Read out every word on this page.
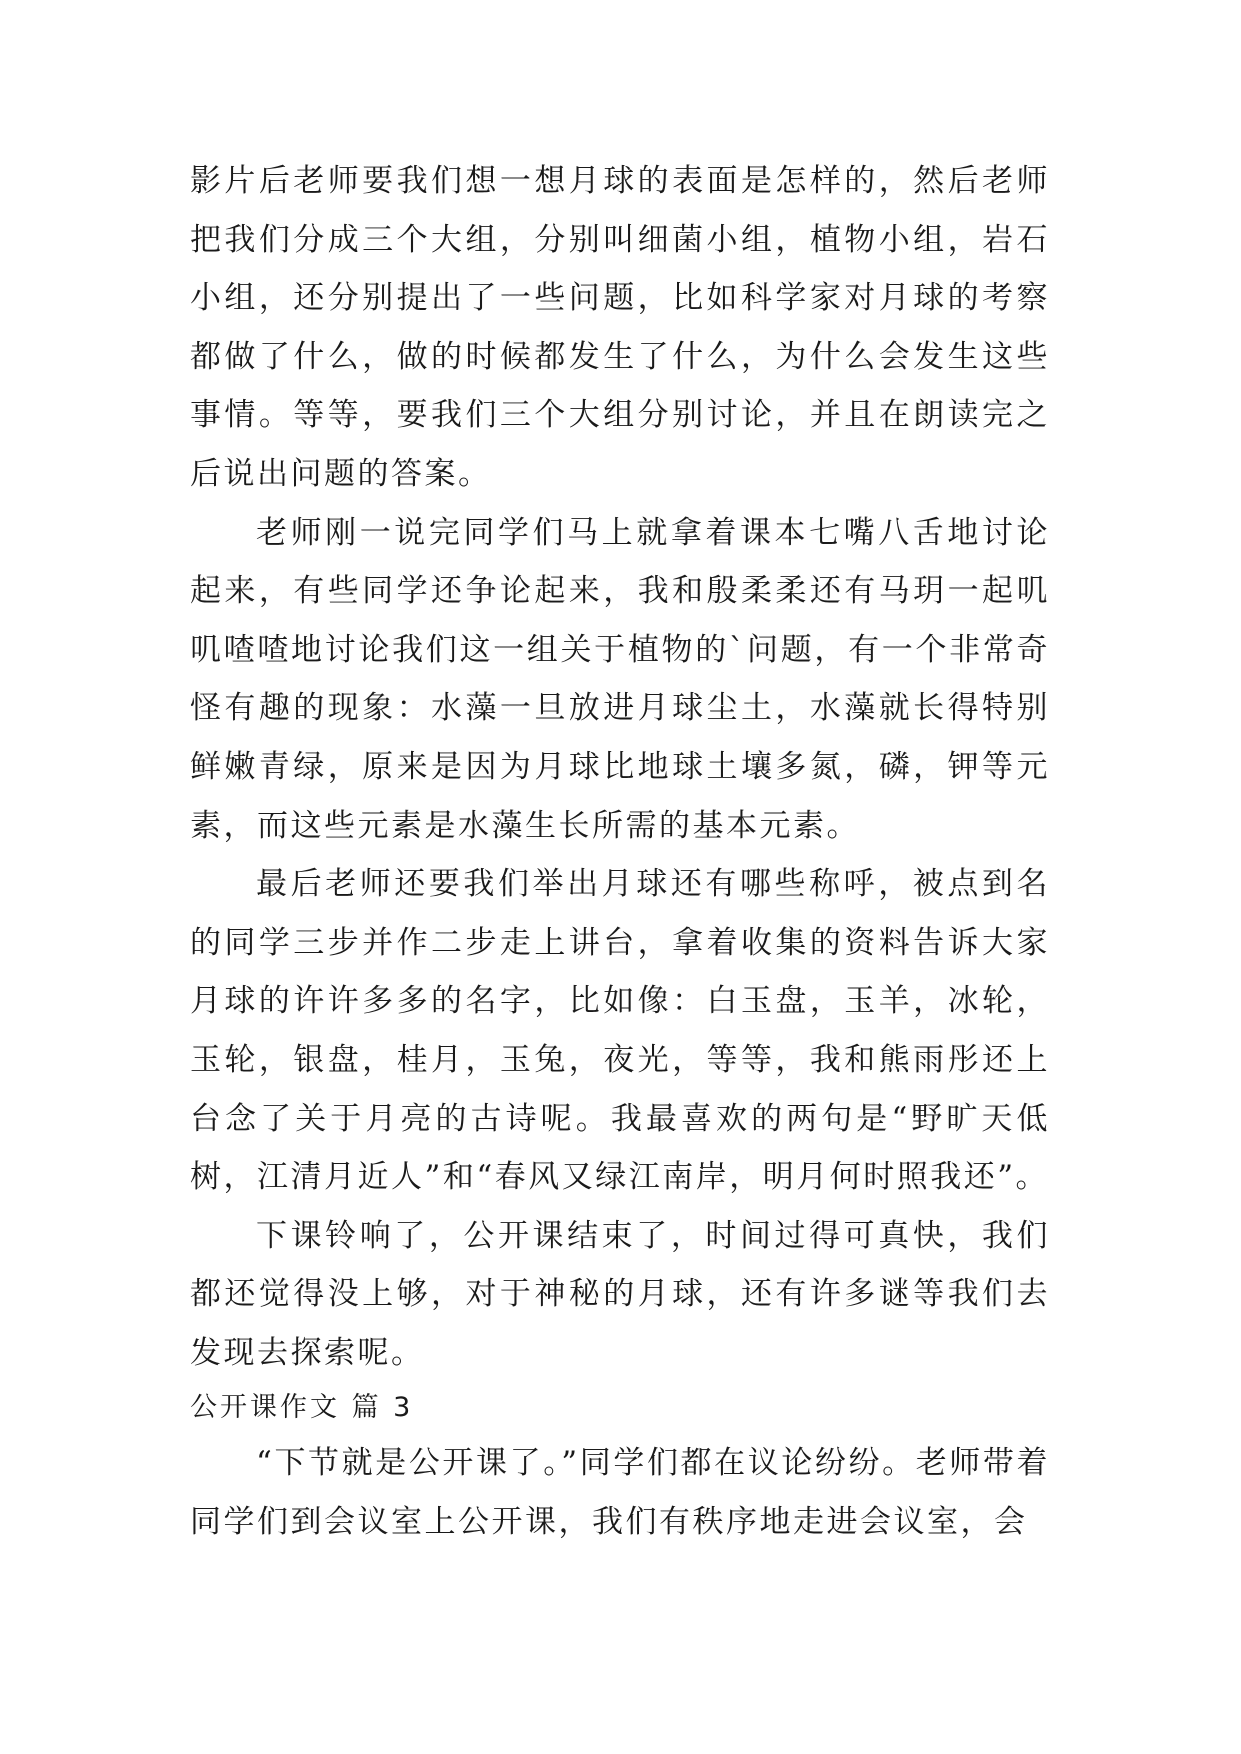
影片后老师要我们想一想月球的表面是怎样的，然后老师把我们分成三个大组，分别叫细菌小组，植物小组，岩石小组，还分别提出了一些问题，比如科学家对月球的考察都做了什么，做的时候都发生了什么，为什么会发生这些事情。等等，要我们三个大组分别讨论，并且在朗读完之后说出问题的答案。

老师刚一说完同学们马上就拿着课本七嘴八舌地讨论起来，有些同学还争论起来，我和殷柔柔还有马玥一起叽叽喳喳地讨论我们这一组关于植物的`问题，有一个非常奇怪有趣的现象：水藻一旦放进月球尘土，水藻就长得特别鲜嫩青绿，原来是因为月球比地球土壤多氮，磷，钾等元素，而这些元素是水藻生长所需的基本元素。

最后老师还要我们举出月球还有哪些称呼，被点到名的同学三步并作二步走上讲台，拿着收集的资料告诉大家月球的许许多多的名字，比如像：白玉盘，玉羊，冰轮，玉轮，银盘，桂月，玉兔，夜光，等等，我和熊雨彤还上台念了关于月亮的古诗呢。我最喜欢的两句是“野旷天低树，江清月近人”和“春风又绿江南岸，明月何时照我还”。

下课铃响了，公开课结束了，时间过得可真快，我们都还觉得没上够，对于神秘的月球，还有许多谜等我们去发现去探索呢。

公开课作文 篇 3

“下节就是公开课了。”同学们都在议论纷纷。老师带着同学们到会议室上公开课，我们有秩序地走进会议室，会
